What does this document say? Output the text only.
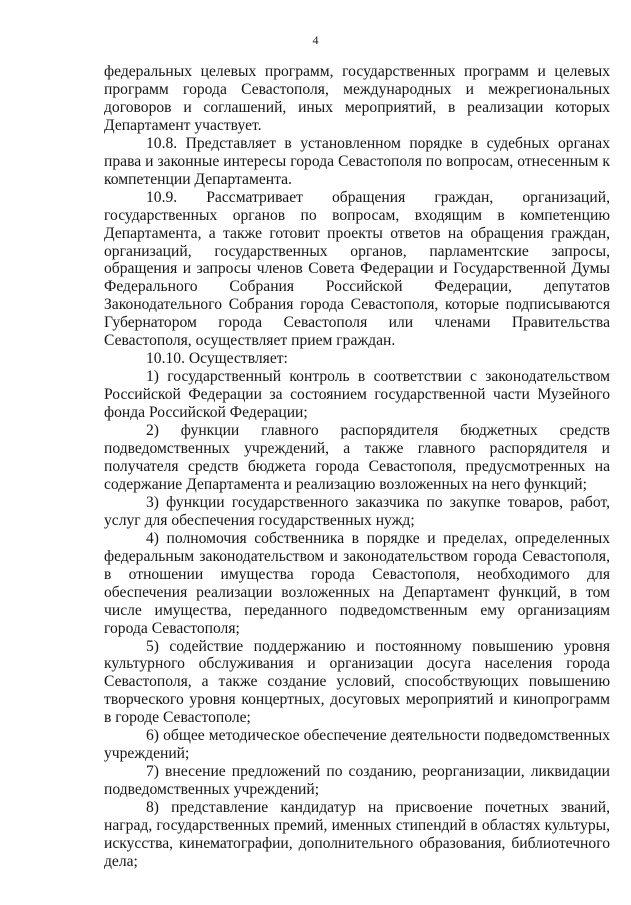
4

федеральных целевых программ, государственных программ и целевых программ города Севастополя, международных и межрегиональных договоров и соглашений, иных мероприятий, в реализации которых Департамент участвует.

10.8. Представляет в установленном порядке в судебных органах права и законные интересы города Севастополя по вопросам, отнесенным к компетенции Департамента.

10.9. Рассматривает обращения граждан, организаций, государственных органов по вопросам, входящим в компетенцию Департамента, а также готовит проекты ответов на обращения граждан, организаций, государственных органов, парламентские запросы, обращения и запросы членов Совета Федерации и Государственной Думы Федерального Собрания Российской Федерации, депутатов Законодательного Собрания города Севастополя, которые подписываются Губернатором города Севастополя или членами Правительства Севастополя, осуществляет прием граждан.

10.10. Осуществляет:

1) государственный контроль в соответствии с законодательством Российской Федерации за состоянием государственной части Музейного фонда Российской Федерации;

2) функции главного распорядителя бюджетных средств подведомственных учреждений, а также главного распорядителя и получателя средств бюджета города Севастополя, предусмотренных на содержание Департамента и реализацию возложенных на него функций;

3) функции государственного заказчика по закупке товаров, работ, услуг для обеспечения государственных нужд;

4) полномочия собственника в порядке и пределах, определенных федеральным законодательством и законодательством города Севастополя, в отношении имущества города Севастополя, необходимого для обеспечения реализации возложенных на Департамент функций, в том числе имущества, переданного подведомственным ему организациям города Севастополя;

5) содействие поддержанию и постоянному повышению уровня культурного обслуживания и организации досуга населения города Севастополя, а также создание условий, способствующих повышению творческого уровня концертных, досуговых мероприятий и кинопрограмм в городе Севастополе;

6) общее методическое обеспечение деятельности подведомственных учреждений;

7) внесение предложений по созданию, реорганизации, ликвидации подведомственных учреждений;

8) представление кандидатур на присвоение почетных званий, наград, государственных премий, именных стипендий в областях культуры, искусства, кинематографии, дополнительного образования, библиотечного дела;
